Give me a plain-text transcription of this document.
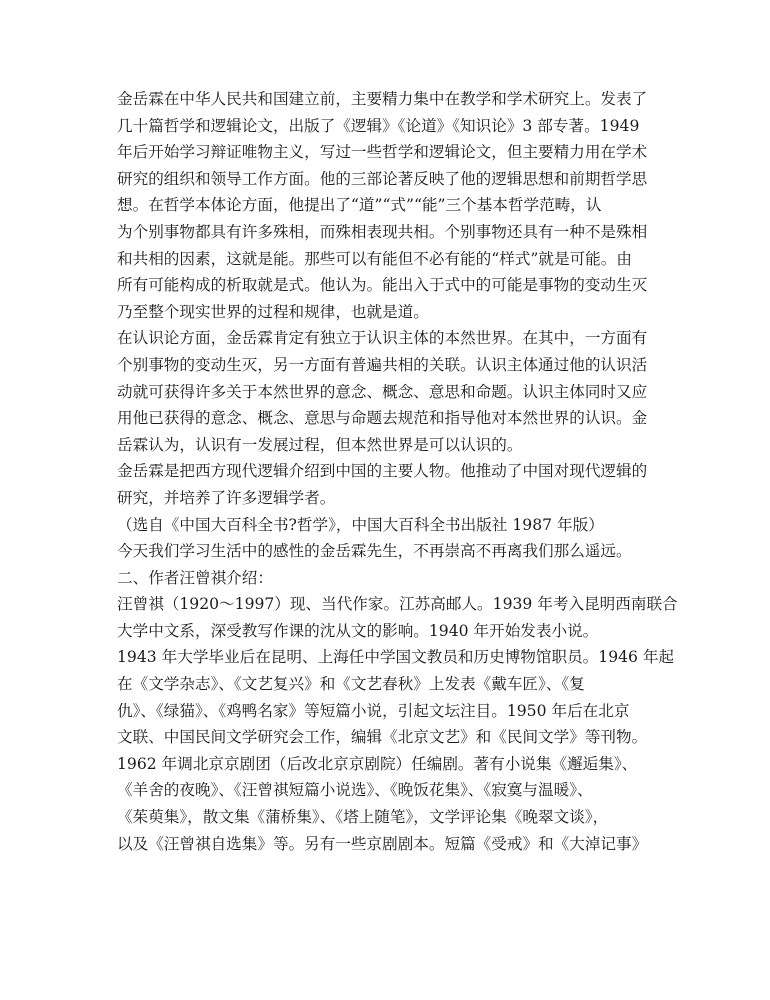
金岳霖在中华人民共和国建立前，主要精力集中在教学和学术研究上。发表了
几十篇哲学和逻辑论文，出版了《逻辑》《论道》《知识论》3 部专著。1949
年后开始学习辩证唯物主义，写过一些哲学和逻辑论文，但主要精力用在学术
研究的组织和领导工作方面。他的三部论著反映了他的逻辑思想和前期哲学思
想。在哲学本体论方面，他提出了“道”“式”“能”三个基本哲学范畴，认
为个别事物都具有许多殊相，而殊相表现共相。个别事物还具有一种不是殊相
和共相的因素，这就是能。那些可以有能但不必有能的“样式”就是可能。由
所有可能构成的析取就是式。他认为。能出入于式中的可能是事物的变动生灭
乃至整个现实世界的过程和规律，也就是道。
在认识论方面，金岳霖肯定有独立于认识主体的本然世界。在其中，一方面有
个别事物的变动生灭，另一方面有普遍共相的关联。认识主体通过他的认识活
动就可获得许多关于本然世界的意念、概念、意思和命题。认识主体同时又应
用他已获得的意念、概念、意思与命题去规范和指导他对本然世界的认识。金
岳霖认为，认识有一发展过程，但本然世界是可以认识的。
金岳霖是把西方现代逻辑介绍到中国的主要人物。他推动了中国对现代逻辑的
研究，并培养了许多逻辑学者。
（选自《中国大百科全书?哲学》，中国大百科全书出版社 1987 年版）
今天我们学习生活中的感性的金岳霖先生，不再崇高不再离我们那么遥远。
二、作者汪曾祺介绍：
汪曾祺（1920～1997）现、当代作家。江苏高邮人。1939 年考入昆明西南联合
大学中文系，深受教写作课的沈从文的影响。1940 年开始发表小说。
1943 年大学毕业后在昆明、上海任中学国文教员和历史博物馆职员。1946 年起
在《文学杂志》、《文艺复兴》和《文艺春秋》上发表《戴车匠》、《复
仇》、《绿猫》、《鸡鸭名家》等短篇小说，引起文坛注目。1950 年后在北京
文联、中国民间文学研究会工作，编辑《北京文艺》和《民间文学》等刊物。
1962 年调北京京剧团（后改北京京剧院）任编剧。著有小说集《邂逅集》、
《羊舍的夜晚》、《汪曾祺短篇小说选》、《晚饭花集》、《寂寞与温暖》、
《茱萸集》，散文集《蒲桥集》、《塔上随笔》，文学评论集《晚翠文谈》，
以及《汪曾祺自选集》等。另有一些京剧剧本。短篇《受戒》和《大淖记事》
